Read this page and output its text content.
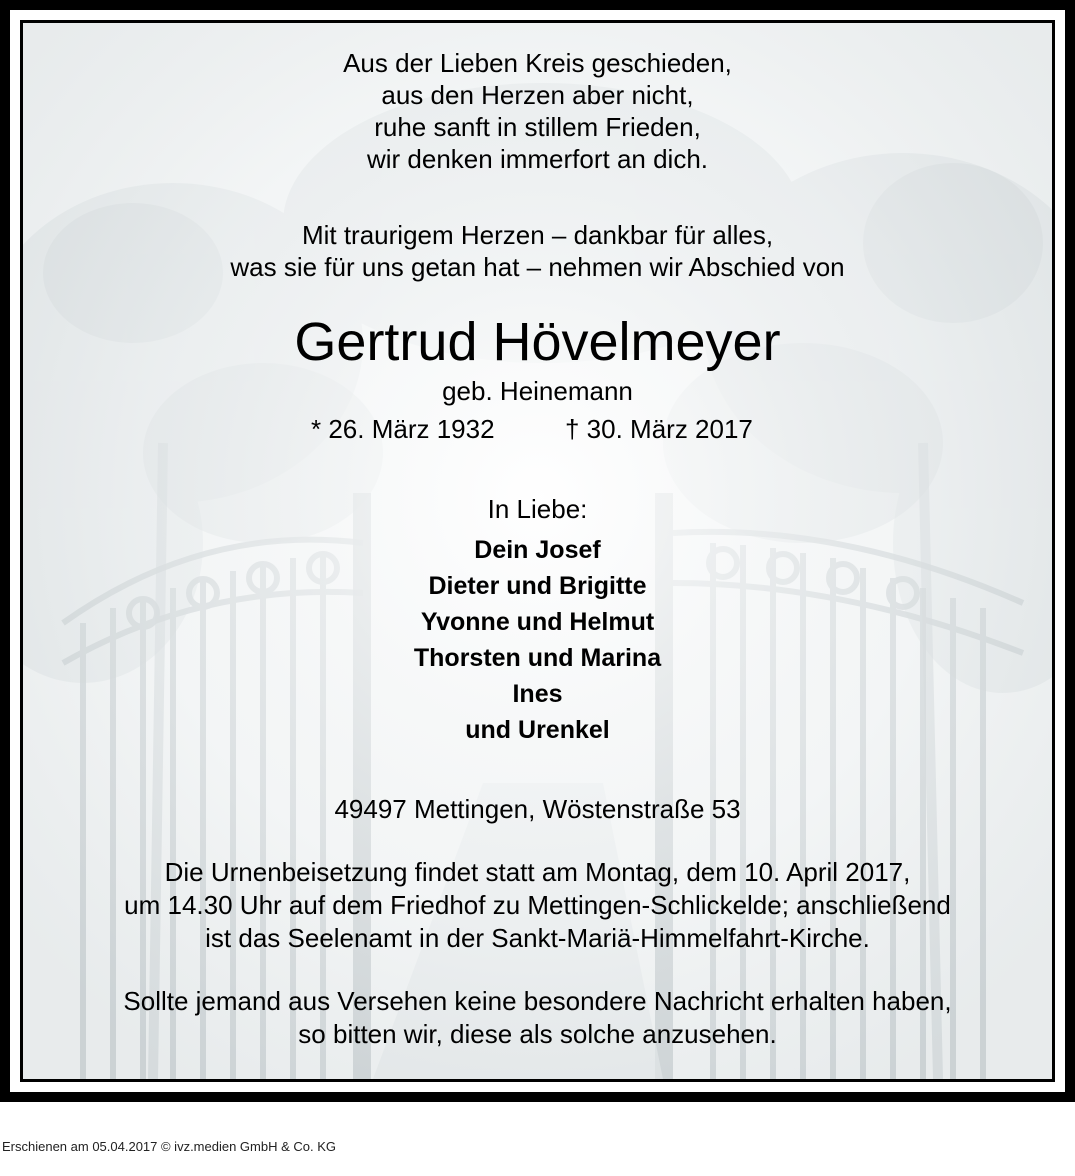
Aus der Lieben Kreis geschieden,
aus den Herzen aber nicht,
ruhe sanft in stillem Frieden,
wir denken immerfort an dich.
Mit traurigem Herzen – dankbar für alles,
was sie für uns getan hat – nehmen wir Abschied von
Gertrud Hövelmeyer
geb. Heinemann
* 26. März 1932	† 30. März 2017
In Liebe:
Dein Josef
Dieter und Brigitte
Yvonne und Helmut
Thorsten und Marina
Ines
und Urenkel
49497 Mettingen, Wöstenstraße 53
Die Urnenbeisetzung findet statt am Montag, dem 10. April 2017,
um 14.30 Uhr auf dem Friedhof zu Mettingen-Schlickelde; anschließend
ist das Seelenamt in der Sankt-Mariä-Himmelfahrt-Kirche.
Sollte jemand aus Versehen keine besondere Nachricht erhalten haben,
so bitten wir, diese als solche anzusehen.
Erschienen am 05.04.2017 © ivz.medien GmbH & Co. KG
